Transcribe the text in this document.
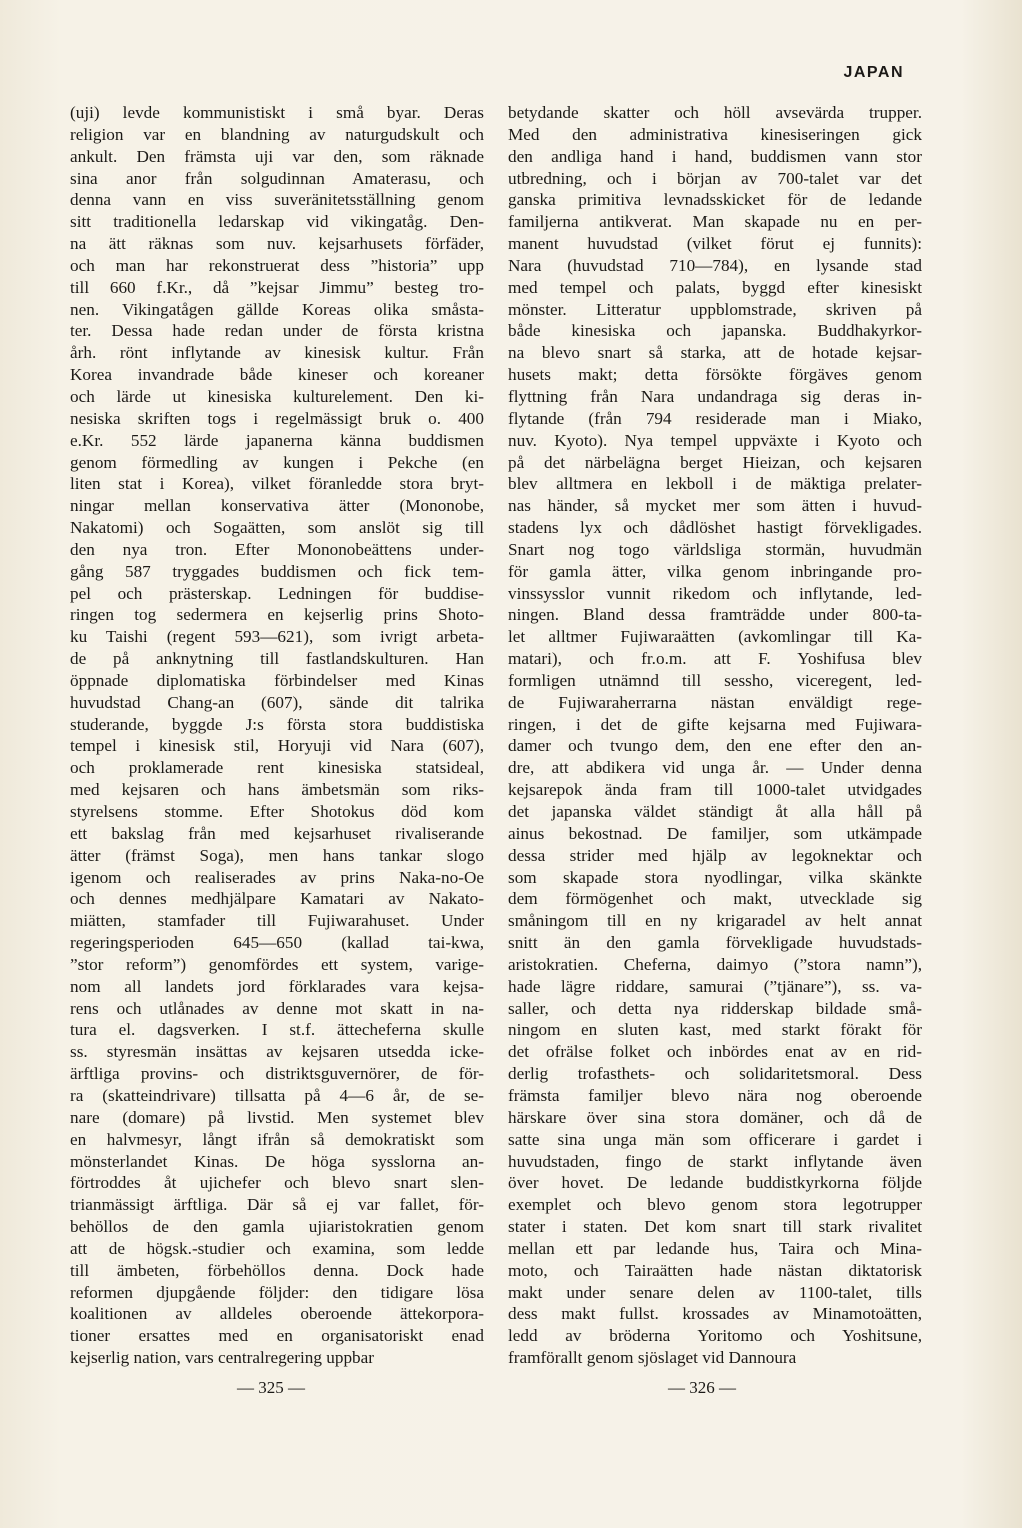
JAPAN
(uji) levde kommunistiskt i små byar. Deras
religion var en blandning av naturgudskult och
ankult. Den främsta uji var den, som räknade
sina anor från solgudinnan Amaterasu, och
denna vann en viss suveränitetsställning genom
sitt traditionella ledarskap vid vikingatåg. Den-
na ätt räknas som nuv. kejsarhusets förfäder,
och man har rekonstruerat dess ”historia” upp
till 660 f.Kr., då ”kejsar Jimmu” besteg tro-
nen. Vikingatågen gällde Koreas olika småsta-
ter. Dessa hade redan under de första kristna
årh. rönt inflytande av kinesisk kultur. Från
Korea invandrade både kineser och koreaner
och lärde ut kinesiska kulturelement. Den ki-
nesiska skriften togs i regelmässigt bruk o. 400
e.Kr. 552 lärde japanerna känna buddismen
genom förmedling av kungen i Pekche (en
liten stat i Korea), vilket föranledde stora bryt-
ningar mellan konservativa ätter (Mononobe,
Nakatomi) och Sogaätten, som anslöt sig till
den nya tron. Efter Mononobeättens under-
gång 587 tryggades buddismen och fick tem-
pel och prästerskap. Ledningen för buddise-
ringen tog sedermera en kejserlig prins Shoto-
ku Taishi (regent 593—621), som ivrigt arbeta-
de på anknytning till fastlandskulturen. Han
öppnade diplomatiska förbindelser med Kinas
huvudstad Chang-an (607), sände dit talrika
studerande, byggde J:s första stora buddistiska
tempel i kinesisk stil, Horyuji vid Nara (607),
och proklamerade rent kinesiska statsideal,
med kejsaren och hans ämbetsmän som riks-
styrelsens stomme. Efter Shotokus död kom
ett bakslag från med kejsarhuset rivaliserande
ätter (främst Soga), men hans tankar slogo
igenom och realiserades av prins Naka-no-Oe
och dennes medhjälpare Kamatari av Nakato-
miätten, stamfader till Fujiwarahuset. Under
regeringsperioden 645—650 (kallad tai-kwa,
”stor reform”) genomfördes ett system, varige-
nom all landets jord förklarades vara kejsa-
rens och utlånades av denne mot skatt in na-
tura el. dagsverken. I st.f. ättecheferna skulle
ss. styresmän insättas av kejsaren utsedda icke-
ärftliga provins- och distriktsguvernörer, de för-
ra (skatteindrivare) tillsatta på 4—6 år, de se-
nare (domare) på livstid. Men systemet blev
en halvmesyr, långt ifrån så demokratiskt som
mönsterlandet Kinas. De höga sysslorna an-
förtroddes åt ujichefer och blevo snart slen-
trianmässigt ärftliga. Där så ej var fallet, för-
behöllos de den gamla ujiaristokratien genom
att de högsk.-studier och examina, som ledde
till ämbeten, förbehöllos denna. Dock hade
reformen djupgående följder: den tidigare lösa
koalitionen av alldeles oberoende ättekorpora-
tioner ersattes med en organisatoriskt enad
kejserlig nation, vars centralregering uppbar
betydande skatter och höll avsevärda trupper.
Med den administrativa kinesiseringen gick
den andliga hand i hand, buddismen vann stor
utbredning, och i början av 700-talet var det
ganska primitiva levnadsskicket för de ledande
familjerna antikverat. Man skapade nu en per-
manent huvudstad (vilket förut ej funnits):
Nara (huvudstad 710—784), en lysande stad
med tempel och palats, byggd efter kinesiskt
mönster. Litteratur uppblomstrade, skriven på
både kinesiska och japanska. Buddhakyrkor-
na blevo snart så starka, att de hotade kejsar-
husets makt; detta försökte förgäves genom
flyttning från Nara undandraga sig deras in-
flytande (från 794 residerade man i Miako,
nuv. Kyoto). Nya tempel uppväxte i Kyoto och
på det närbelägna berget Hieizan, och kejsaren
blev alltmera en lekboll i de mäktiga prelater-
nas händer, så mycket mer som ätten i huvud-
stadens lyx och dådlöshet hastigt förvekligades.
Snart nog togo världsliga stormän, huvudmän
för gamla ätter, vilka genom inbringande pro-
vinssysslor vunnit rikedom och inflytande, led-
ningen. Bland dessa framträdde under 800-ta-
let alltmer Fujiwaraätten (avkomlingar till Ka-
matari), och fr.o.m. att F. Yoshifusa blev
formligen utnämnd till sessho, viceregent, led-
de Fujiwaraherrarna nästan enväldigt rege-
ringen, i det de gifte kejsarna med Fujiwara-
damer och tvungo dem, den ene efter den an-
dre, att abdikera vid unga år. — Under denna
kejsarepok ända fram till 1000-talet utvidgades
det japanska väldet ständigt åt alla håll på
ainus bekostnad. De familjer, som utkämpade
dessa strider med hjälp av legoknektar och
som skapade stora nyodlingar, vilka skänkte
dem förmögenhet och makt, utvecklade sig
småningom till en ny krigaradel av helt annat
snitt än den gamla förvekligade huvudstads-
aristokratien. Cheferna, daimyo (”stora namn”),
hade lägre riddare, samurai (”tjänare”), ss. va-
saller, och detta nya ridderskap bildade små-
ningom en sluten kast, med starkt förakt för
det ofrälse folket och inbördes enat av en rid-
derlig trofasthets- och solidaritetsmoral. Dess
främsta familjer blevo nära nog oberoende
härskare över sina stora domäner, och då de
satte sina unga män som officerare i gardet i
huvudstaden, fingo de starkt inflytande även
över hovet. De ledande buddistkyrkorna följde
exemplet och blevo genom stora legotrupper
stater i staten. Det kom snart till stark rivalitet
mellan ett par ledande hus, Taira och Mina-
moto, och Tairaätten hade nästan diktatorisk
makt under senare delen av 1100-talet, tills
dess makt fullst. krossades av Minamotoätten,
ledd av bröderna Yoritomo och Yoshitsune,
framförallt genom sjöslaget vid Dannoura
— 325 —	— 326 —
